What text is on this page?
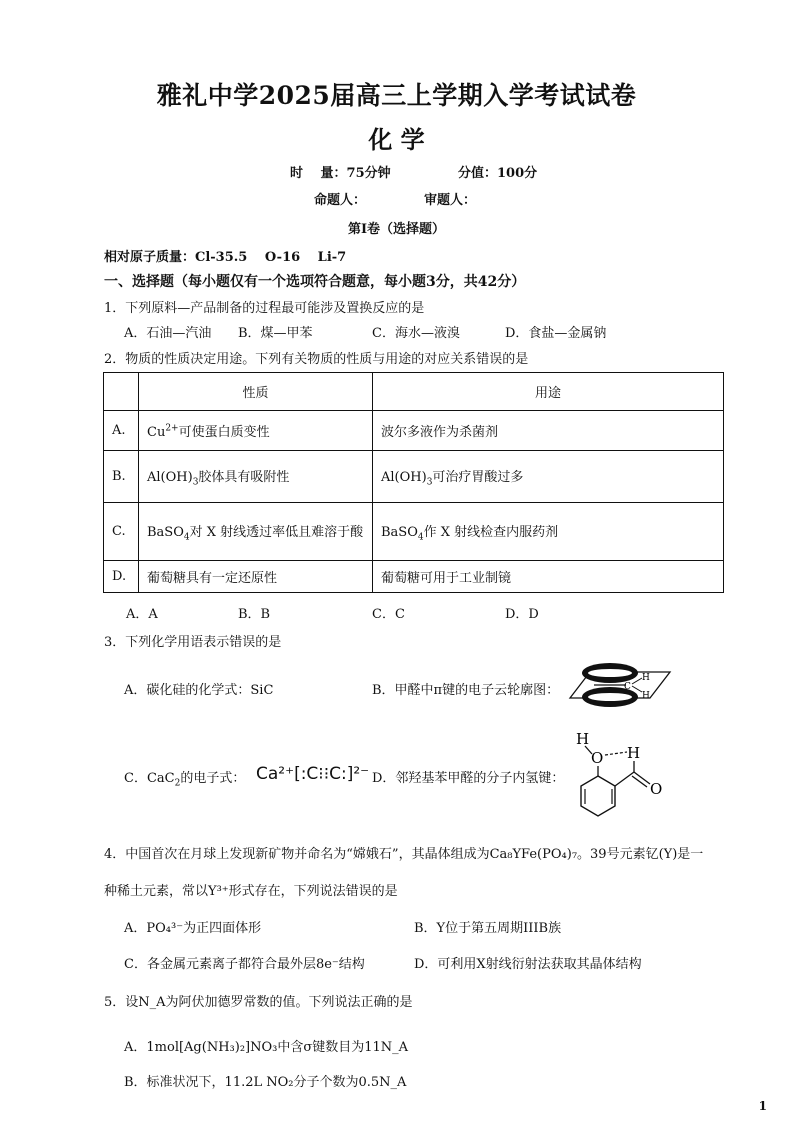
雅礼中学2025届高三上学期入学考试试卷
化 学
时　 量：75分钟	分值：100分
命题人：	审题人：
第I卷（选择题）
相对原子质量：Cl-35.5　 O-16　 Li-7
一、选择题（每小题仅有一个选项符合题意，每小题3分，共42分）
1．下列原料—产品制备的过程最可能涉及置换反应的是
A．石油—汽油 B．煤—甲苯	C．海水—液溴	D．食盐—金属钠
2．物质的性质决定用途。下列有关物质的性质与用途的对应关系错误的是
	性质	用途
A.	$Cu^{2+}$可使蛋白质变性	波尔多液作为杀菌剂
B.	$Al(OH)_3$胶体具有吸附性	$Al(OH)_3$可治疗胃酸过多
C.	BaSO$_4$对 X 射线透过率低且难溶于酸	BaSO$_4$作 X 射线检查内服药剂
D.	葡萄糖具有一定还原性	葡萄糖可用于工业制镜
A．A	B．B	C．C	D．D
3．下列化学用语表示错误的是
A．碳化硅的化学式：SiC	B．甲醛中π键的电子云轮廓图：	C
H
H
C．CaC$_2$的电子式： Ca²⁺[:C⁝⁝C:]²⁻ D．邻羟基苯甲醛的分子内氢键：
H
O H
O
4．中国首次在月球上发现新矿物并命名为“嫦娥石”，其晶体组成为Ca₈YFe(PO₄)₇。39号元素钇(Y)是一
种稀土元素，常以Y³⁺形式存在，下列说法错误的是
A．PO₄³⁻为正四面体形	B．Y位于第五周期IIIB族
C．各金属元素离子都符合最外层8e⁻结构	D．可利用X射线衍射法获取其晶体结构
5．设N_A为阿伏加德罗常数的值。下列说法正确的是
A．1mol[Ag(NH₃)₂]NO₃中含σ键数目为11N_A
B．标准状况下，11.2L NO₂分子个数为0.5N_A
1
